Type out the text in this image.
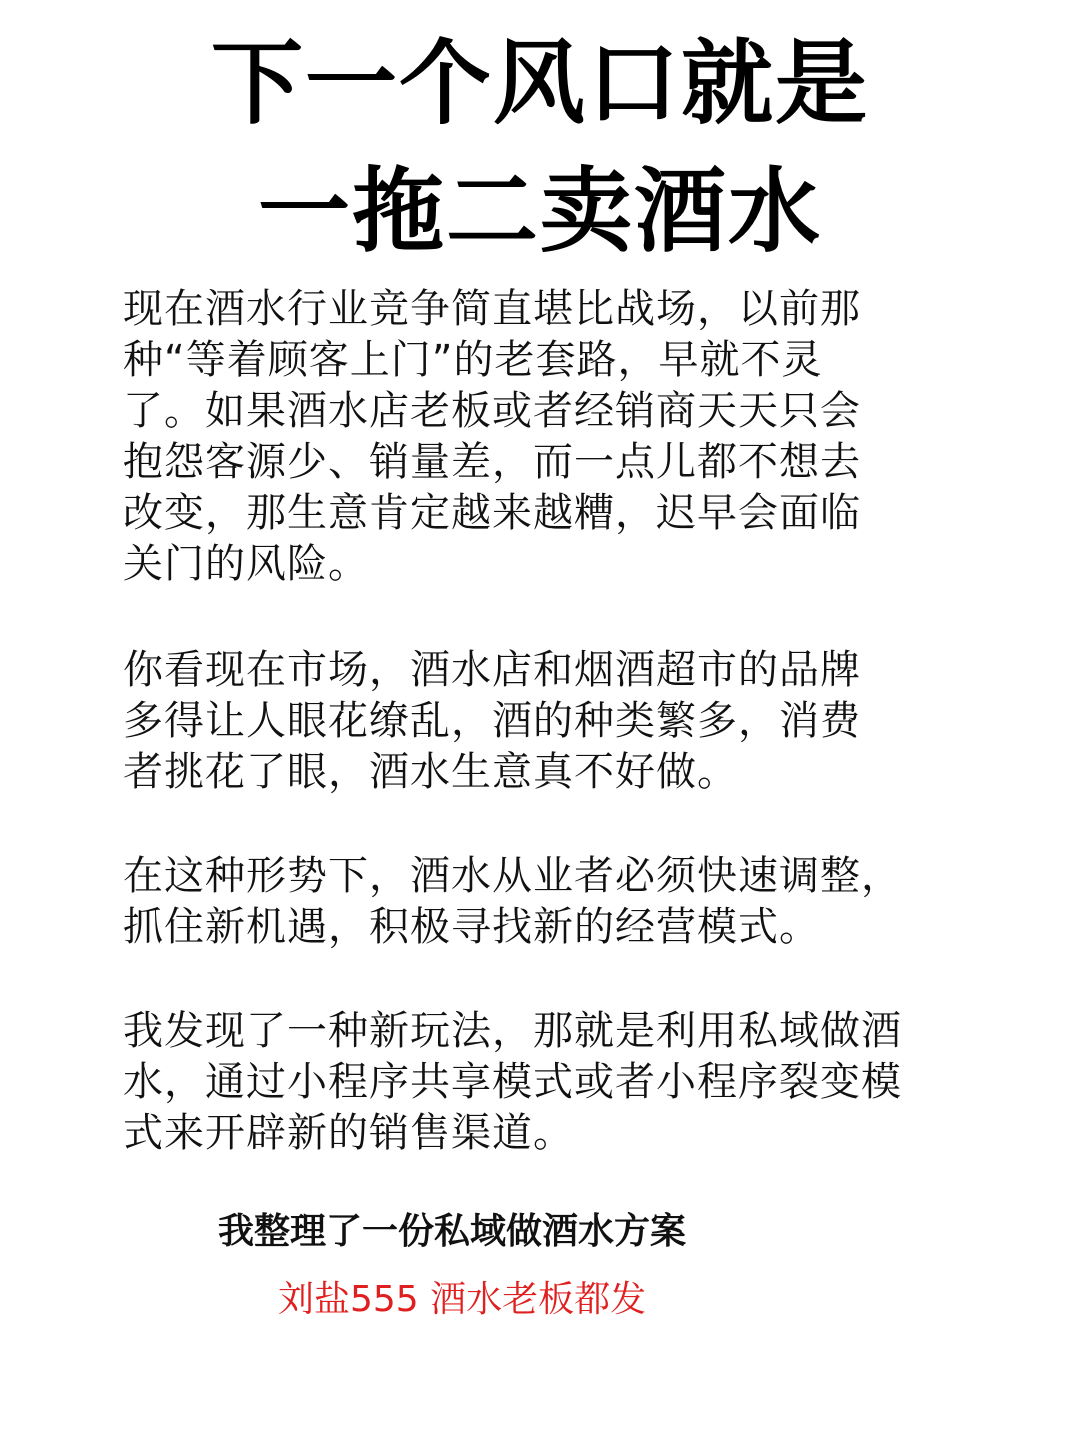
下一个风口就是
一拖二卖酒水
现在酒水行业竞争简直堪比战场，以前那
种“等着顾客上门”的老套路，早就不灵
了。如果酒水店老板或者经销商天天只会
抱怨客源少、销量差，而一点儿都不想去
改变，那生意肯定越来越糟，迟早会面临
关门的风险。
你看现在市场，酒水店和烟酒超市的品牌
多得让人眼花缭乱，酒的种类繁多，消费
者挑花了眼，酒水生意真不好做。
在这种形势下，酒水从业者必须快速调整，
抓住新机遇，积极寻找新的经营模式。
我发现了一种新玩法，那就是利用私域做酒
水，通过小程序共享模式或者小程序裂变模
式来开辟新的销售渠道。
我整理了一份私域做酒水方案
刘盐555 酒水老板都发
